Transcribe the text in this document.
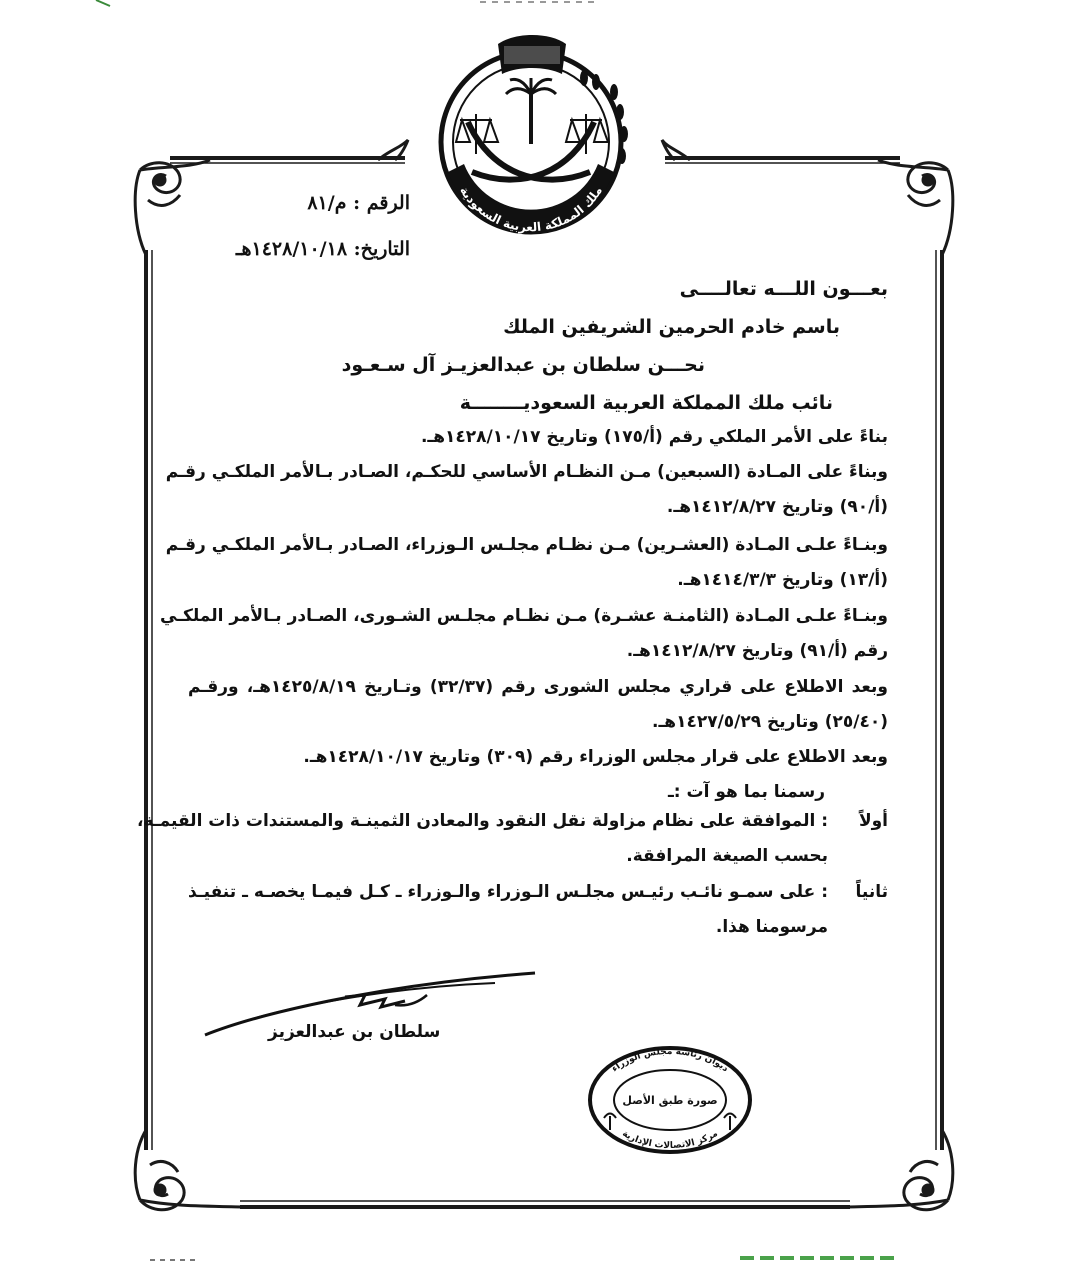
ملك المملكة العربية السعودية
الرقم : م/٨١
التاريخ: ١٤٢٨/١٠/١٨هـ
بعـــون اللـــه تعالــــى
باسم خادم الحرمين الشريفين الملك
نحـــن سلطان بن عبدالعزيـز آل سـعـود
نائب ملك المملكة العربية السعوديــــــــة
بناءً على الأمر الملكي رقم (أ/١٧٥) وتاريخ ١٤٢٨/١٠/١٧هـ.
وبناءً على المـادة (السبعين) مـن النظـام الأساسي للحكـم، الصـادر بـالأمر الملكـي رقـم
(أ/٩٠) وتاريخ ١٤١٢/٨/٢٧هـ.
وبنـاءً علـى المـادة (العشـرين) مـن نظـام مجلـس الـوزراء، الصـادر بـالأمر الملكـي رقـم
(أ/١٣) وتاريخ ١٤١٤/٣/٣هـ.
وبنـاءً علـى المـادة (الثامنـة عشـرة) مـن نظـام مجلـس الشـورى، الصـادر بـالأمر الملكـي
رقم (أ/٩١) وتاريخ ١٤١٢/٨/٢٧هـ.
وبعد الاطلاع على قراري مجلس الشورى رقم (٣٢/٣٧) وتـاريخ ١٤٢٥/٨/١٩هـ، ورقـم
(٢٥/٤٠) وتاريخ ١٤٢٧/٥/٢٩هـ.
وبعد الاطلاع على قرار مجلس الوزراء رقم (٣٠٩) وتاريخ ١٤٢٨/١٠/١٧هـ.
رسمنا بما هو آت :ـ
أولاً
: الموافقة على نظام مزاولة نقل النقود والمعادن الثمينـة والمستندات ذات القيمـة،
بحسب الصيغة المرافقة.
ثانياً
: على سمـو نائـب رئيـس مجلـس الـوزراء والـوزراء ـ كـل فيمـا يخصـه ـ تنفيـذ
مرسومنا هذا.
سلطان بن عبدالعزيز
ديوان رئاسة مجلس الوزراء
صورة طبق الأصل
مركز الاتصالات الإدارية
